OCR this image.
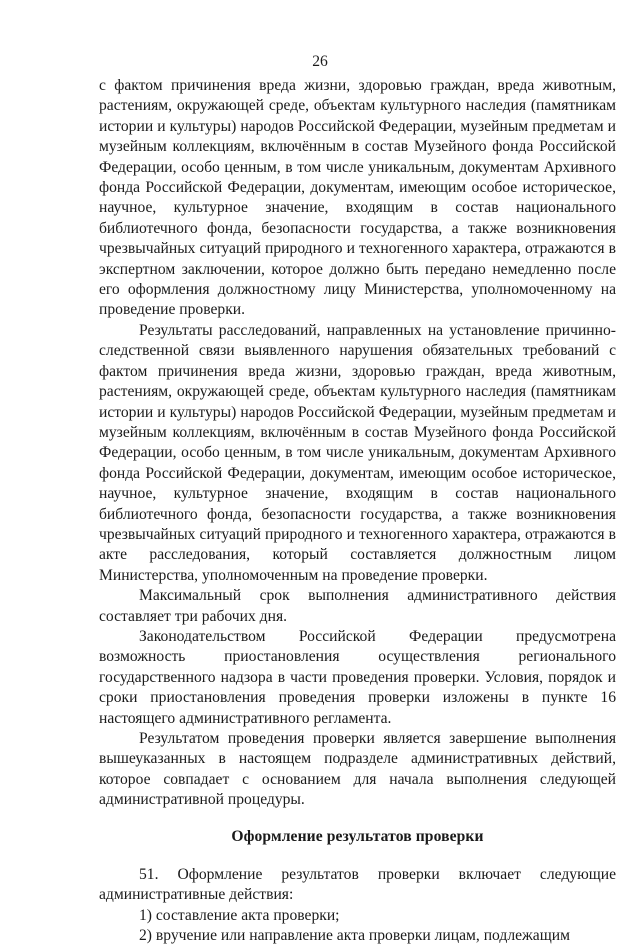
26

с фактом причинения вреда жизни, здоровью граждан, вреда животным, растениям, окружающей среде, объектам культурного наследия (памятникам истории и культуры) народов Российской Федерации, музейным предметам и музейным коллекциям, включённым в состав Музейного фонда Российской Федерации, особо ценным, в том числе уникальным, документам Архивного фонда Российской Федерации, документам, имеющим особое историческое, научное, культурное значение, входящим в состав национального библиотечного фонда, безопасности государства, а также возникновения чрезвычайных ситуаций природного и техногенного характера, отражаются в экспертном заключении, которое должно быть передано немедленно после его оформления должностному лицу Министерства, уполномоченному на проведение проверки.

Результаты расследований, направленных на установление причинно-следственной связи выявленного нарушения обязательных требований с фактом причинения вреда жизни, здоровью граждан, вреда животным, растениям, окружающей среде, объектам культурного наследия (памятникам истории и культуры) народов Российской Федерации, музейным предметам и музейным коллекциям, включённым в состав Музейного фонда Российской Федерации, особо ценным, в том числе уникальным, документам Архивного фонда Российской Федерации, документам, имеющим особое историческое, научное, культурное значение, входящим в состав национального библиотечного фонда, безопасности государства, а также возникновения чрезвычайных ситуаций природного и техногенного характера, отражаются в акте расследования, который составляется должностным лицом Министерства, уполномоченным на проведение проверки.

Максимальный срок выполнения административного действия составляет три рабочих дня.

Законодательством Российской Федерации предусмотрена возможность приостановления осуществления регионального государственного надзора в части проведения проверки. Условия, порядок и сроки приостановления проведения проверки изложены в пункте 16 настоящего административного регламента.

Результатом проведения проверки является завершение выполнения вышеуказанных в настоящем подразделе административных действий, которое совпадает с основанием для начала выполнения следующей административной процедуры.

Оформление результатов проверки

51. Оформление результатов проверки включает следующие административные действия:

1) составление акта проверки;

2) вручение или направление акта проверки лицам, подлежащим
